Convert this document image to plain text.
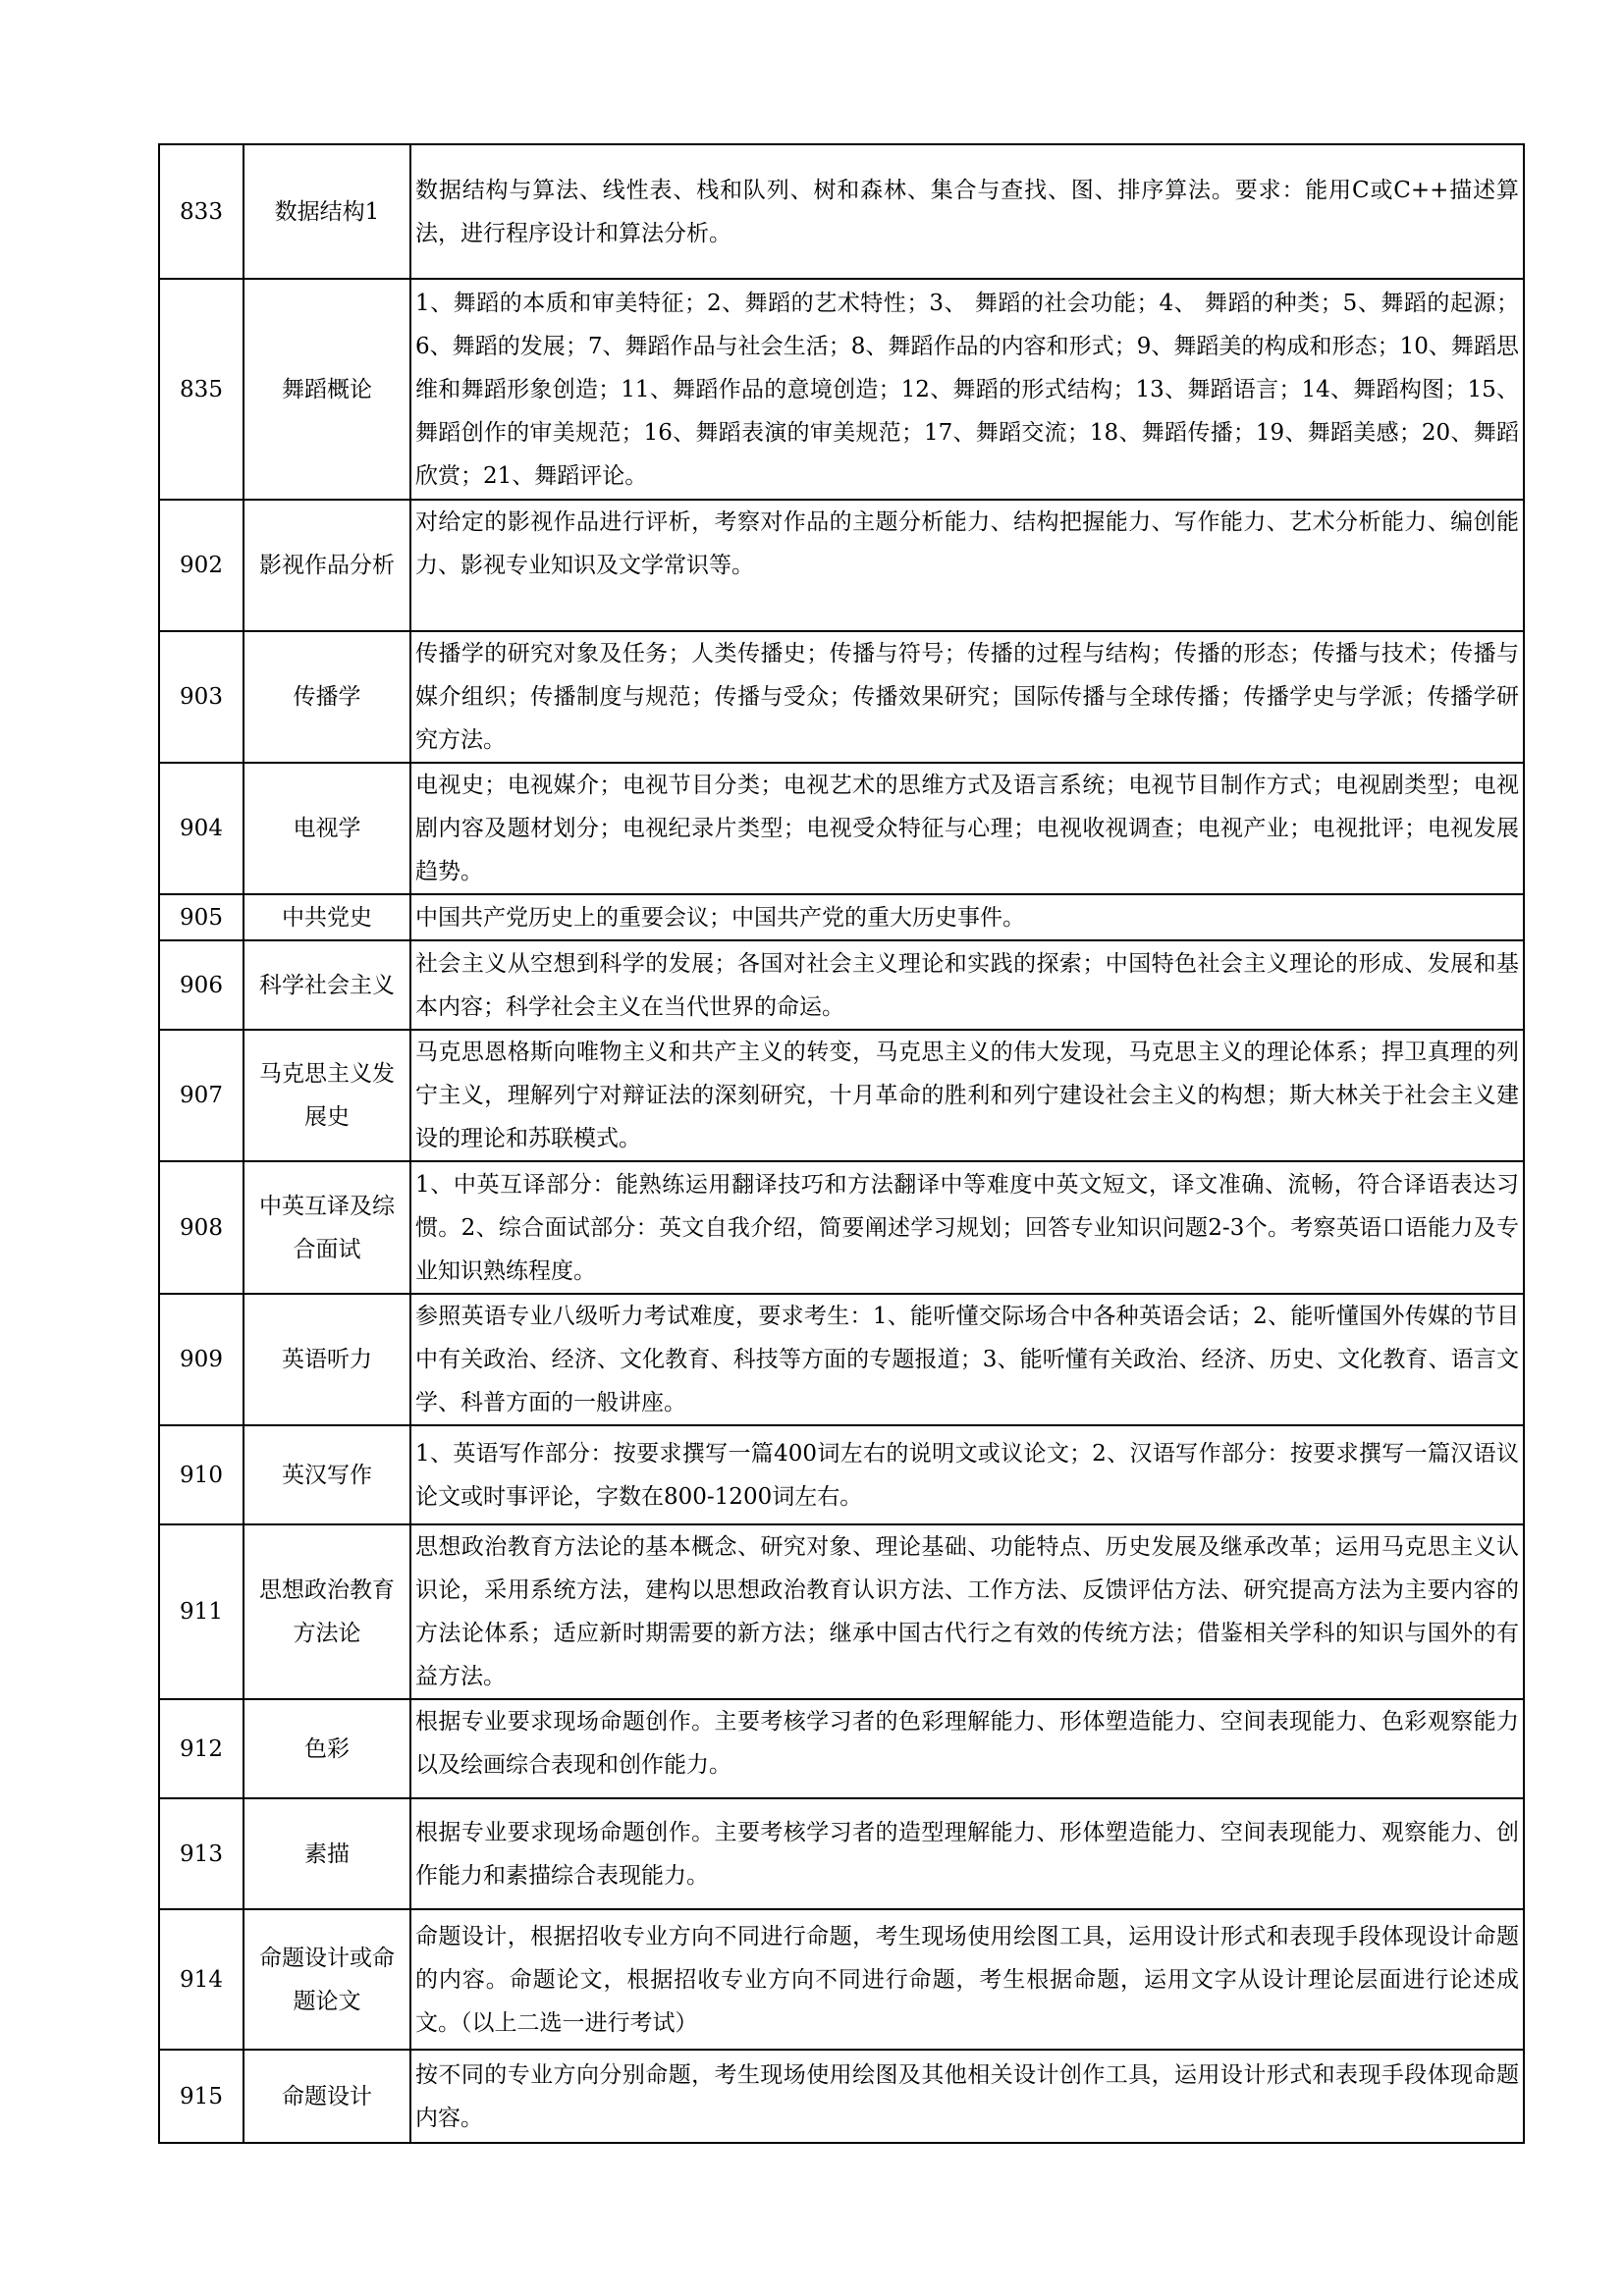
833	数据结构1	数据结构与算法、线性表、栈和队列、树和森林、集合与查找、图、排序算法。要求：能用C或C++描述算法，进行程序设计和算法分析。
835	舞蹈概论	1、舞蹈的本质和审美特征；2、舞蹈的艺术特性；3、 舞蹈的社会功能；4、 舞蹈的种类；5、舞蹈的起源；6、舞蹈的发展；7、舞蹈作品与社会生活；8、舞蹈作品的内容和形式；9、舞蹈美的构成和形态；10、舞蹈思维和舞蹈形象创造；11、舞蹈作品的意境创造；12、舞蹈的形式结构；13、舞蹈语言；14、舞蹈构图；15、舞蹈创作的审美规范；16、舞蹈表演的审美规范；17、舞蹈交流；18、舞蹈传播；19、舞蹈美感；20、舞蹈欣赏；21、舞蹈评论。
902	影视作品分析	对给定的影视作品进行评析，考察对作品的主题分析能力、结构把握能力、写作能力、艺术分析能力、编创能力、影视专业知识及文学常识等。
903	传播学	传播学的研究对象及任务；人类传播史；传播与符号；传播的过程与结构；传播的形态；传播与技术；传播与媒介组织；传播制度与规范；传播与受众；传播效果研究；国际传播与全球传播；传播学史与学派；传播学研究方法。
904	电视学	电视史；电视媒介；电视节目分类；电视艺术的思维方式及语言系统；电视节目制作方式；电视剧类型；电视剧内容及题材划分；电视纪录片类型；电视受众特征与心理；电视收视调查；电视产业；电视批评；电视发展趋势。
905	中共党史	中国共产党历史上的重要会议；中国共产党的重大历史事件。
906	科学社会主义	社会主义从空想到科学的发展；各国对社会主义理论和实践的探索；中国特色社会主义理论的形成、发展和基本内容；科学社会主义在当代世界的命运。
907	马克思主义发展史	马克思恩格斯向唯物主义和共产主义的转变，马克思主义的伟大发现，马克思主义的理论体系；捍卫真理的列宁主义，理解列宁对辩证法的深刻研究，十月革命的胜利和列宁建设社会主义的构想；斯大林关于社会主义建设的理论和苏联模式。
908	中英互译及综合面试	1、中英互译部分：能熟练运用翻译技巧和方法翻译中等难度中英文短文，译文准确、流畅，符合译语表达习惯。2、综合面试部分：英文自我介绍，简要阐述学习规划；回答专业知识问题2-3个。考察英语口语能力及专业知识熟练程度。
909	英语听力	参照英语专业八级听力考试难度，要求考生：1、能听懂交际场合中各种英语会话；2、能听懂国外传媒的节目中有关政治、经济、文化教育、科技等方面的专题报道；3、能听懂有关政治、经济、历史、文化教育、语言文学、科普方面的一般讲座。
910	英汉写作	1、英语写作部分：按要求撰写一篇400词左右的说明文或议论文；2、汉语写作部分：按要求撰写一篇汉语议论文或时事评论，字数在800-1200词左右。
911	思想政治教育方法论	思想政治教育方法论的基本概念、研究对象、理论基础、功能特点、历史发展及继承改革；运用马克思主义认识论，采用系统方法，建构以思想政治教育认识方法、工作方法、反馈评估方法、研究提高方法为主要内容的方法论体系；适应新时期需要的新方法；继承中国古代行之有效的传统方法；借鉴相关学科的知识与国外的有益方法。
912	色彩	根据专业要求现场命题创作。主要考核学习者的色彩理解能力、形体塑造能力、空间表现能力、色彩观察能力以及绘画综合表现和创作能力。
913	素描	根据专业要求现场命题创作。主要考核学习者的造型理解能力、形体塑造能力、空间表现能力、观察能力、创作能力和素描综合表现能力。
914	命题设计或命题论文	命题设计，根据招收专业方向不同进行命题，考生现场使用绘图工具，运用设计形式和表现手段体现设计命题的内容。命题论文，根据招收专业方向不同进行命题，考生根据命题，运用文字从设计理论层面进行论述成文。（以上二选一进行考试）
915	命题设计	按不同的专业方向分别命题，考生现场使用绘图及其他相关设计创作工具，运用设计形式和表现手段体现命题内容。
